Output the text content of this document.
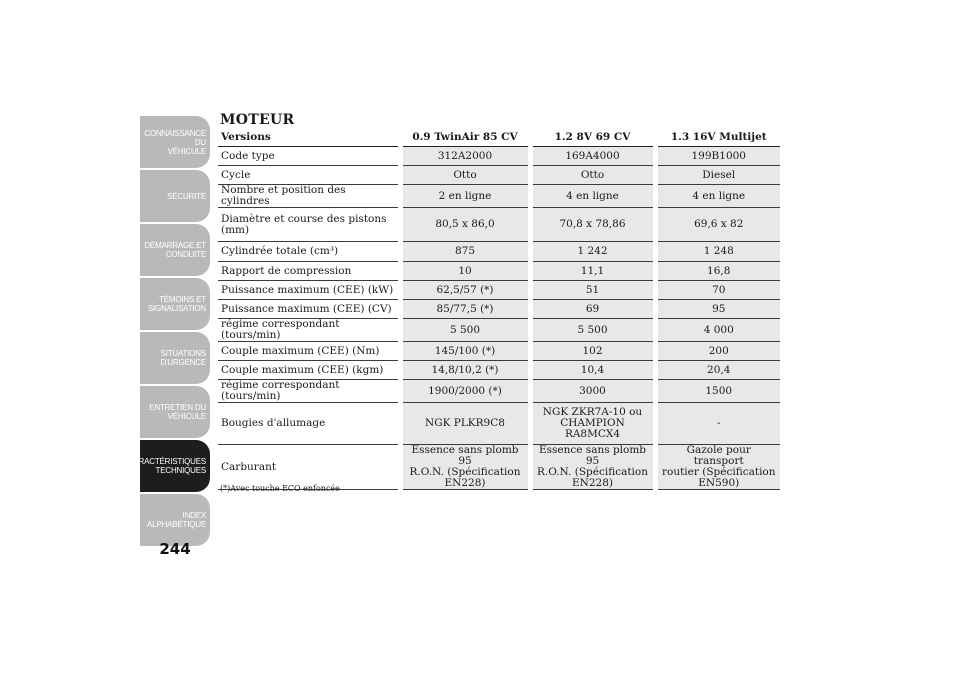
CONNAISSANCE DU
VÉHICULE
SÉCURITÉ
DÉMARRAGE ET
CONDUITE
TÉMOINS ET
SIGNALISATION
SITUATIONS
D'URGENCE
ENTRETIEN DU
VÉHICULE
CARACTÉRISTIQUES
TECHNIQUES
INDEX
ALPHABÉTIQUE
244
MOTEUR
Versions	0.9 TwinAir 85 CV	1.2 8V 69 CV	1.3 16V Multijet
Code type	312A2000	169A4000	199B1000
Cycle	Otto	Otto	Diesel
Nombre et position des cylindres	2 en ligne	4 en ligne	4 en ligne
Diamètre et course des pistons
(mm)	80,5 x 86,0	70,8 x 78,86	69,6 x 82
Cylindrée totale (cm³)	875	1 242	1 248
Rapport de compression	10	11,1	16,8
Puissance maximum (CEE) (kW)	62,5/57 (*)	51	70
Puissance maximum (CEE) (CV)	85/77,5 (*)	69	95
régime correspondant (tours/min)	5 500	5 500	4 000
Couple maximum (CEE) (Nm)	145/100 (*)	102	200
Couple maximum (CEE) (kgm)	14,8/10,2 (*)	10,4	20,4
régime correspondant (tours/min)	1900/2000 (*)	3000	1500
Bougies d'allumage	NGK PLKR9C8	NGK ZKR7A-10 ou
CHAMPION
RA8MCX4	-
Carburant	Essence sans plomb 95
R.O.N. (Spécification
EN228)	Essence sans plomb 95
R.O.N. (Spécification
EN228)	Gazole pour transport
routier (Spécification
EN590)
(*)Avec touche ECO enfoncée
